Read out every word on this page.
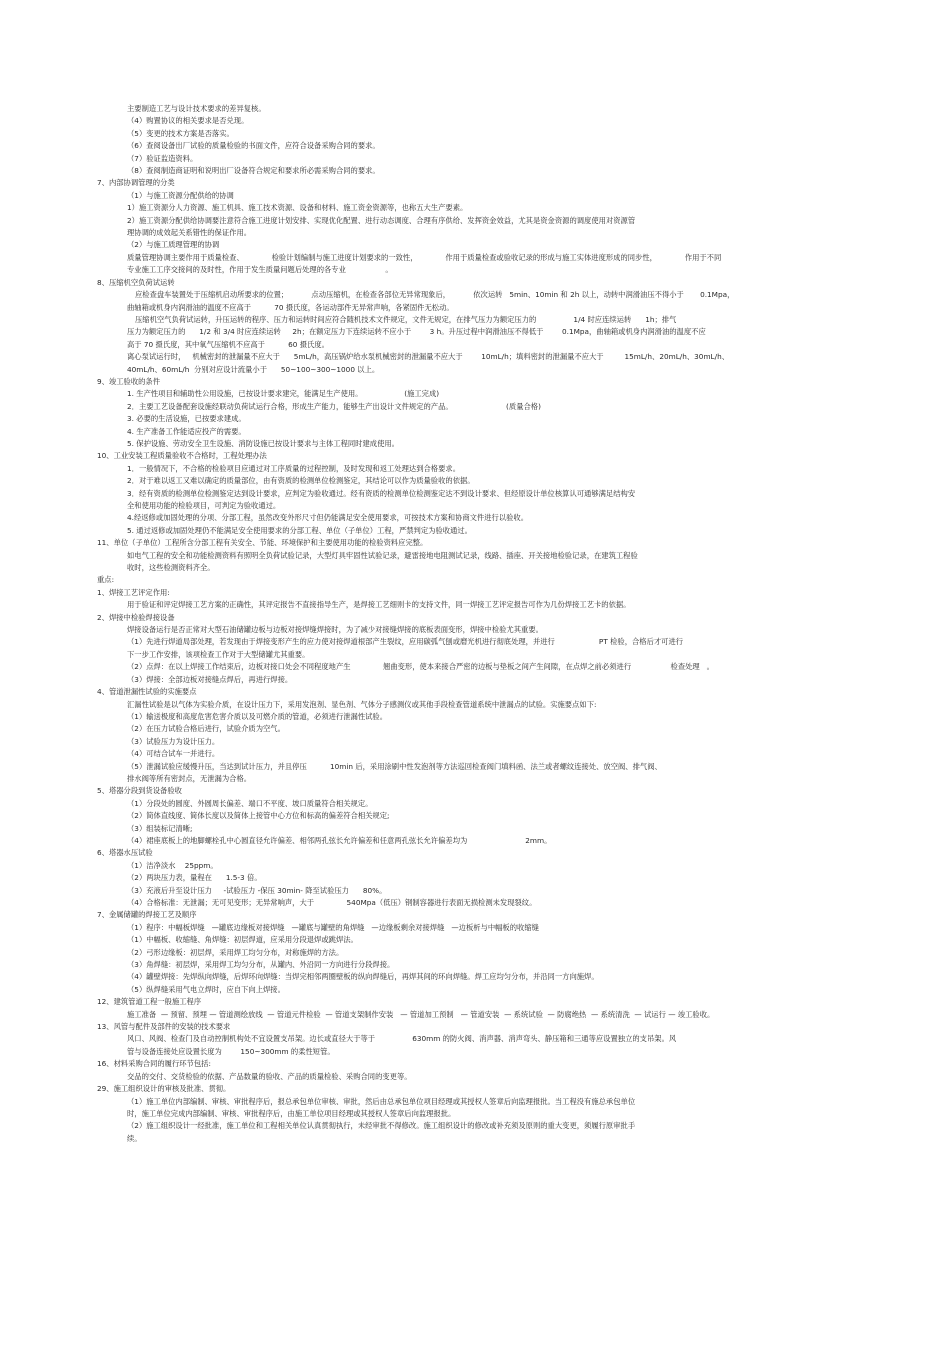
主要制造工艺与设计技术要求的差异复核。
（4）购置协议的相关要求是否兑现。
（5）变更的技术方案是否落实。
（6）查阅设备出厂试验的质量检验的书面文件，应符合设备采购合同的要求。
（7）验证监造资料。
（8）查阅制造商证明和说明出厂设备符合规定和要求所必需采购合同的要求。
7、内部协调管理的分类
（1）与施工资源分配供给的协调
1）施工资源分人力资源、施工机具、施工技术资源、设备和材料、施工资金资源等，也称五大生产要素。
2）施工资源分配供给协调要注意符合施工进度计划安排、实现优化配置、进行动态调度、合理有序供给、发挥资金效益，尤其是资金资源的调度使用对资源管
理协调的成效起关系错性的保证作用。
（2）与施工质理管理的协调
质量管理协调主要作用于质量检查、            检验计划编制与施工进度计划要求的一致性，            作用于质量检查或验收记录的形成与施工实体进度形成的同步性，            作用于不同
专业施工工序交接间的及时性，作用于发生质量问题后处理的各专业                 。
8、压缩机空负荷试运转
应检查盘车装置处于压缩机启动所要求的位置；          点动压缩机，在检查各部位无异常现象后，          依次运转   5min、10min 和 2h 以上，动转中润滑油压不得小于       0.1Mpa，
曲轴箱或机身内润滑油的温度不应高于          70 摄氏度，各运动部件无异常声响，各紧固件无松动。
压缩机空气负荷试运转，升压运转的程序、压力和运转时间应符合随机技术文件规定，文件无规定，在排气压力为额定压力的                1/4 时应连续运转      1h；排气
压力为额定压力的      1/2 和 3/4 时应连续运转     2h；在额定压力下连续运转不应小于        3 h。升压过程中润滑油压不得低于        0.1Mpa，曲轴箱或机身内润滑油的温度不应
高于 70 摄氏度，其中氧气压缩机不应高于          60 摄氏度。
离心泵试运行时，   机械密封的泄漏量不应大于      5mL/h，高压锅炉给水泵机械密封的泄漏量不应大于        10mL/h；填料密封的泄漏量不应大于         15mL/h、20mL/h、30mL/h、
40mL/h、60mL/h  分别对应设计流量小于      50~100~300~1000 以上。
9、竣工验收的条件
1. 生产性项目和辅助性公用设施，已按设计要求建完，能满足生产使用。                  (施工完成)
2．主要工艺设备配套设施经联动负荷试运行合格，形成生产能力，能够生产出设计文件规定的产品。                       (质量合格)
3. 必要的生活设施，已按要求建成。
4. 生产准备工作能适应投产的需要。
5. 保护设施、劳动安全卫生设施、消防设施已按设计要求与主体工程同时建成使用。
10、工业安装工程质量验收不合格时，工程处理办法
1．一般情况下，不合格的检验项目应通过对工序质量的过程控制，及时发现和返工处理达到合格要求。
2．对于难以返工又难以确定的质量部位，由有资质的检测单位检测鉴定，其结论可以作为质量验收的依据。
3．经有资质的检测单位检测鉴定达到设计要求，应判定为验收通过。经有资质的检测单位检测鉴定达不到设计要求、但经原设计单位核算认可通够满足结构安
全和使用功能的检验项目，可判定为验收通过。
4.经返修或加固处理的分项、分部工程，虽然改变外形尺寸但仍能满足安全使用要求，可按技术方案和协商文件进行以验收。
5. 通过返修或加固处理仍不能满足安全使用要求的分部工程、单位（子单位）工程，严禁判定为验收通过。
11、单位（子单位）工程所含分部工程有关安全、节能、环境保护和主要使用功能的检验资料应完整。
如电气工程的安全和功能检测资料有照明全负荷试验记录，大型灯具牢固性试验记录，避雷接地电阻测试记录，线路、插座、开关接地检验记录，在建筑工程验
收时，这些检测资料齐全。
重点:
1、焊接工艺评定作用:
用于验证和评定焊接工艺方案的正确性，其评定报告不直接指导生产，是焊接工艺细则卡的支持文件，同一焊接工艺评定报告可作为几份焊接工艺卡的依据。
2、焊接中检验焊接设备
焊接设备运行是否正常对大型石油储罐边板与边板对接焊缝焊接时，为了减少对接缝焊接的底板表面变形，焊接中检验尤其重要。
（1）先进行焊道局部处理，若发现由于焊接变形产生的应力使对接焊道根部产生裂纹，应用碳弧气刨或磨光机进行彻底处理，并进行                   PT 检验，合格后才可进行
下一步工作安排，该项检查工作对于大型储罐尤其重要。
（2）点焊：在以上焊接工作结束后，边板对接口处会不同程度地产生              翘曲变形，使本来接合严密的边板与垫板之间产生间隙，在点焊之前必须进行                 检查处理   。
（3）焊接：全部边板对接缝点焊后，再进行焊接。
4、管道泄漏性试验的实施要点
汇漏性试验是以气体为实验介质，在设计压力下，采用发泡剂、显色剂、气体分子感测仪或其他手段检查管道系统中泄漏点的试验。实施要点如下:
（1）输送极度和高度危害危害介质以及可燃介质的管道，必须进行泄漏性试验。
（2）在压力试验合格后进行，试验介质为空气。
（3）试验压力为设计压力。
（4）可结合试车一并进行。
（5）泄漏试验应缓慢升压，当达到试计压力，并且停压          10min 后，采用涂刷中性发泡剂等方法巡回检查阀门填料函、法兰或者螺纹连接处、放空阀、排气阀、
排水阀等所有密封点，无泄漏为合格。
5、塔器分段到货设备验收
（1）分段处的圆度、外圆周长偏差、端口不平度、坡口质量符合相关规定。
（2）简体直线度、简体长度以及简体上接管中心方位和标高的偏差符合相关规定;
（3）组装标记清晰;
（4）裙座底板上的地脚螺栓孔中心圆直径允许偏差、相邻两孔弦长允许偏差和任意两孔弦长允许偏差均为                         2mm。
6、塔器水压试验
（1）洁净淡水    25ppm。
（2）两块压力表，量程在      1.5-3 倍。
（3）充液后升至设计压力     -试验压力 -保压 30min- 降至试验压力      80%。
（4）合格标准：无泄漏；无可见变形；无异常响声，大于              540Mpa（低压）钢制容器进行表面无损检测未发现裂纹。
7、金属储罐的焊接工艺及顺序
（1）程序：中幅板焊缝   —罐底边缘板对接焊缝   —罐底与罐壁的角焊缝   —边缘板剩余对接焊缝   —边板析与中幅板的收缩缝
（1）中幅板、收缩缝、角焊缝：初层焊道，应采用分段退焊或跳焊法。
（2）弓形边缘板：初层焊，采用焊工均匀分布，对称施焊的方法。
（3）角焊缝：初层焊，采用焊工均匀分布，从罐内、外沿同一方向进行分段焊接。
（4）罐壁焊接：先焊纵向焊缝，后焊环向焊缝：当焊完相邻两圈壁板的纵向焊缝后，再焊其间的环向焊缝。焊工应均匀分布，并沿同一方向施焊。
（5）纵焊缝采用气电立焊时，应自下向上焊接。
12、建筑管道工程一般施工程序
施工准备  — 预留、预埋 — 管道测绘放线  — 管道元件检验  — 管道支架制作安装   — 管道加工预制   — 管道安装  — 系统试验  — 防腐绝热  — 系统清洗  — 试运行 — 竣工验收。
13、风管与配件及部件的安装的技术要求
风口、风阀、检查门及自动控制机构处不宜设置支吊架。边长或直径大于等于                630mm 的防火阀、消声器、消声弯头、静压箱和三通等应设置独立的支吊架。风
管与设备连接处应设置长度为        150~300mm 的柔性短管。
16、材料采购合同的履行环节包括:
交品的交付、交货检验的依据、产品数量的验收、产品的质量检验、采购合同的变更等。
29、施工组织设计的审核及批准、贯彻。
（1）施工单位内部编制、审核、审批程序后，报总承包单位审核、审批，然后由总承包单位项目经理或其授权人签章后向监理报批。当工程没有施总承包单位
时，施工单位完成内部编制、审核、审批程序后，由施工单位项目经理或其授权人签章后向监理报批。
（2）施工组织设计一经批准，施工单位和工程相关单位认真贯彻执行，未经审批不得修改。施工组织设计的修改或补充须及原则的重大变更，须履行原审批手
续。
